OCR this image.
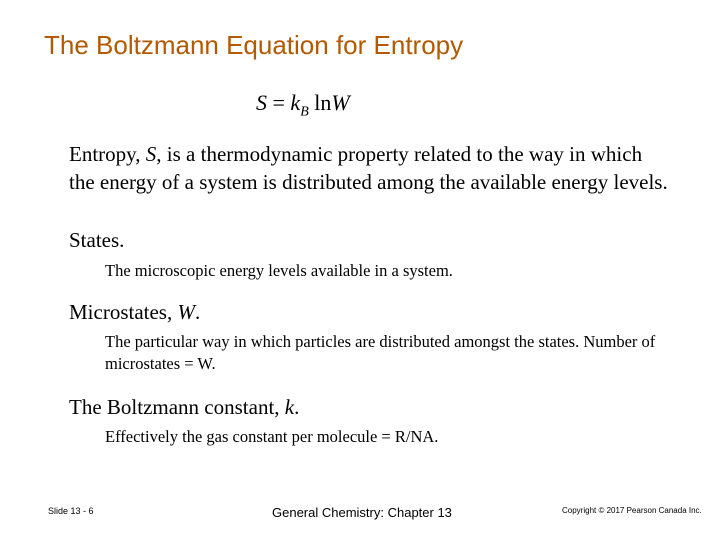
The Boltzmann Equation for Entropy
$S = k_B$ lnW
Entropy, S, is a thermodynamic property related to the way in which the energy of a system is distributed among the available energy levels.
States.
The microscopic energy levels available in a system.
Microstates, W.
The particular way in which particles are distributed amongst the states. Number of microstates = W.
The Boltzmann constant, k.
Effectively the gas constant per molecule = R/NA.
Slide 13 - 6	General Chemistry: Chapter 13	Copyright © 2017 Pearson Canada Inc.
